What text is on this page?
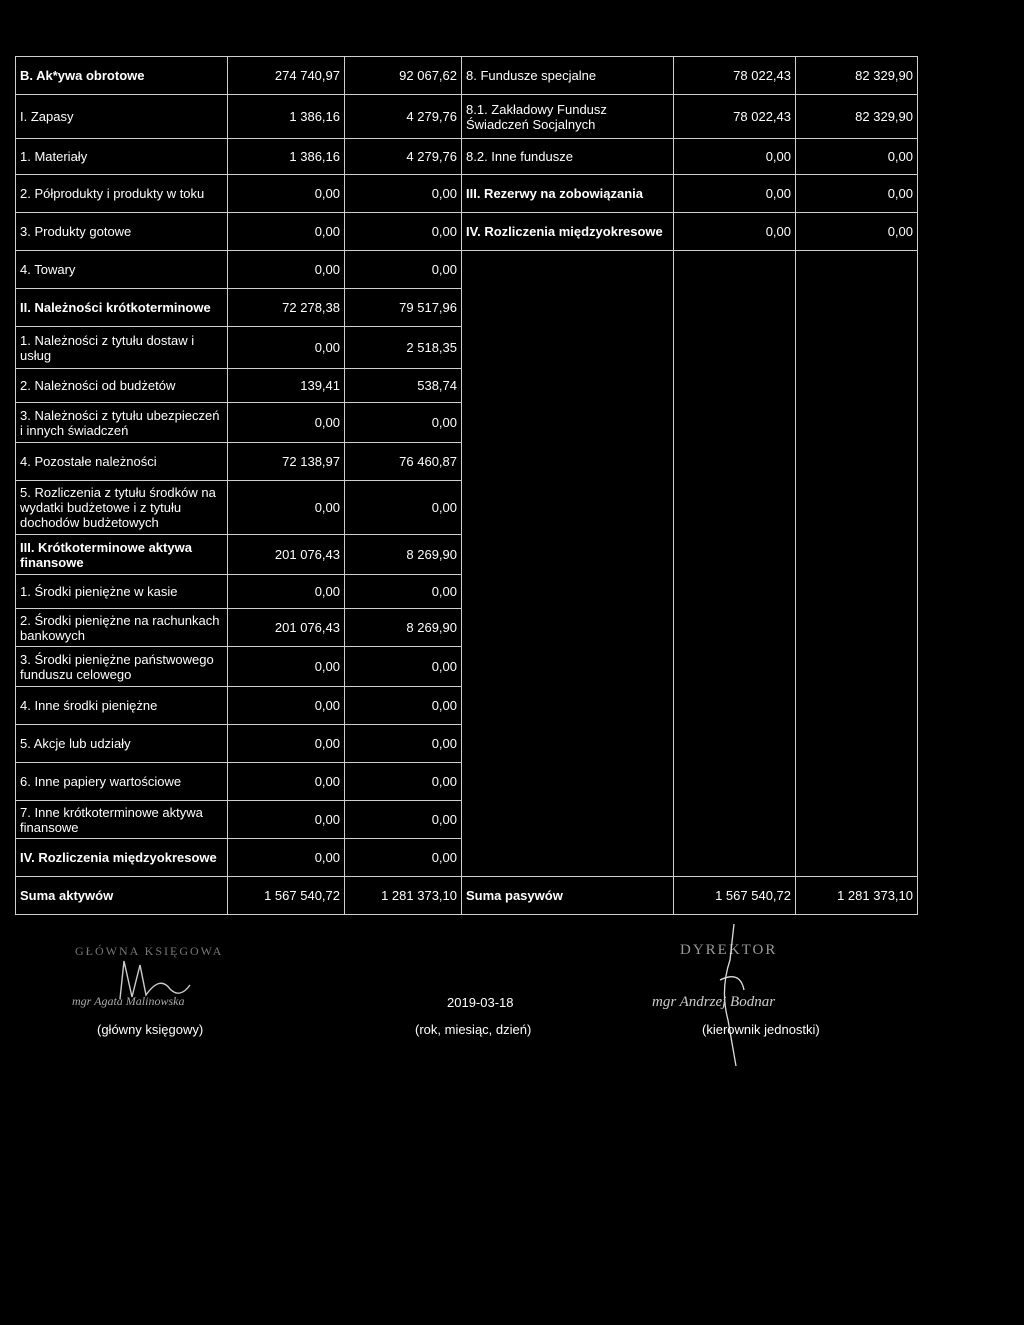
B. Ak*ywa obrotowe	274 740,97	92 067,62	8. Fundusze specjalne	78 022,43	82 329,90
I. Zapasy	1 386,16	4 279,76	8.1. Zakładowy Fundusz Świadczeń Socjalnych	78 022,43	82 329,90
1. Materiały	1 386,16	4 279,76	8.2. Inne fundusze	0,00	0,00
2. Półprodukty i produkty w toku	0,00	0,00	III. Rezerwy na zobowiązania	0,00	0,00
3. Produkty gotowe	0,00	0,00	IV. Rozliczenia międzyokresowe	0,00	0,00
4. Towary	0,00	0,00			
II. Należności krótkoterminowe	72 278,38	79 517,96			
1. Należności z tytułu dostaw i usług	0,00	2 518,35			
2. Należności od budżetów	139,41	538,74			
3. Należności z tytułu ubezpieczeń i innych świadczeń	0,00	0,00			
4. Pozostałe należności	72 138,97	76 460,87			
5. Rozliczenia z tytułu środków na wydatki budżetowe i z tytułu dochodów budżetowych	0,00	0,00			
III. Krótkoterminowe aktywa finansowe	201 076,43	8 269,90			
1. Środki pieniężne w kasie	0,00	0,00			
2. Środki pieniężne na rachunkach bankowych	201 076,43	8 269,90			
3. Środki pieniężne państwowego funduszu celowego	0,00	0,00			
4. Inne środki pieniężne	0,00	0,00			
5. Akcje lub udziały	0,00	0,00			
6. Inne papiery wartościowe	0,00	0,00			
7. Inne krótkoterminowe aktywa finansowe	0,00	0,00			
IV. Rozliczenia międzyokresowe	0,00	0,00			
Suma aktywów	1 567 540,72	1 281 373,10	Suma pasywów	1 567 540,72	1 281 373,10
GŁÓWNA KSIĘGOWA
mgr Agata Malinowska
(główny księgowy)
2019-03-18
(rok, miesiąc, dzień)
DYREKTOR
mgr Andrzej Bodnar
(kierownik jednostki)
